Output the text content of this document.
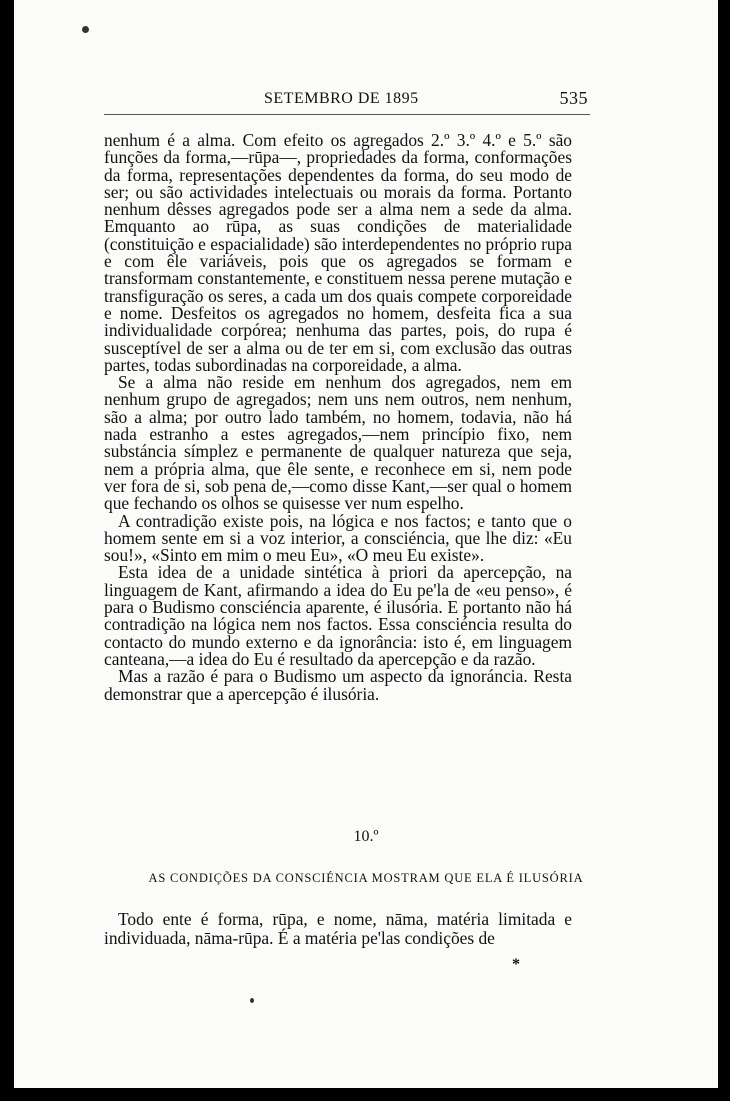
SETEMBRO DE 1895	535

nenhum é a alma. Com efeito os agregados 2.º 3.º 4.º e 5.º são funções da forma,—rūpa—, propriedades da forma, conformações da forma, representações dependentes da forma, do seu modo de ser; ou são actividades intelectuais ou morais da forma. Portanto nenhum dêsses agregados pode ser a alma nem a sede da alma. Emquanto ao rūpa, as suas condições de materialidade (constituição e espacialidade) são interdependentes no próprio rupa e com êle variáveis, pois que os agregados se formam e transformam constantemente, e constituem nessa perene mutação e transfiguração os seres, a cada um dos quais compete corporeidade e nome. Desfeitos os agregados no homem, desfeita fica a sua individualidade corpórea; nenhuma das partes, pois, do rupa é susceptível de ser a alma ou de ter em si, com exclusão das outras partes, todas subordinadas na corporeidade, a alma.

Se a alma não reside em nenhum dos agregados, nem em nenhum grupo de agregados; nem uns nem outros, nem nenhum, são a alma; por outro lado também, no homem, todavia, não há nada estranho a estes agregados,—nem princípio fixo, nem substáncia símplez e permanente de qualquer natureza que seja, nem a própria alma, que êle sente, e reconhece em si, nem pode ver fora de si, sob pena de,—como disse Kant,—ser qual o homem que fechando os olhos se quisesse ver num espelho.

A contradição existe pois, na lógica e nos factos; e tanto que o homem sente em si a voz interior, a consciéncia, que lhe diz: «Eu sou!», «Sinto em mim o meu Eu», «O meu Eu existe».

Esta idea de a unidade sintética à priori da apercepção, na linguagem de Kant, afirmando a idea do Eu pe'la de «eu penso», é para o Budismo consciéncia aparente, é ilusória. E portanto não há contradição na lógica nem nos factos. Essa consciéncia resulta do contacto do mundo externo e da ignorância: isto é, em linguagem canteana,—a idea do Eu é resultado da apercepção e da razão.

Mas a razão é para o Budismo um aspecto da ignoráncia. Resta demonstrar que a apercepção é ilusória.

10.º
AS CONDIÇÕES DA CONSCIÉNCIA MOSTRAM QUE ELA É ILUSÓRIA

Todo ente é forma, rūpa, e nome, nāma, matéria limitada e individuada, nāma-rūpa. É a matéria pe'las condições de

*
